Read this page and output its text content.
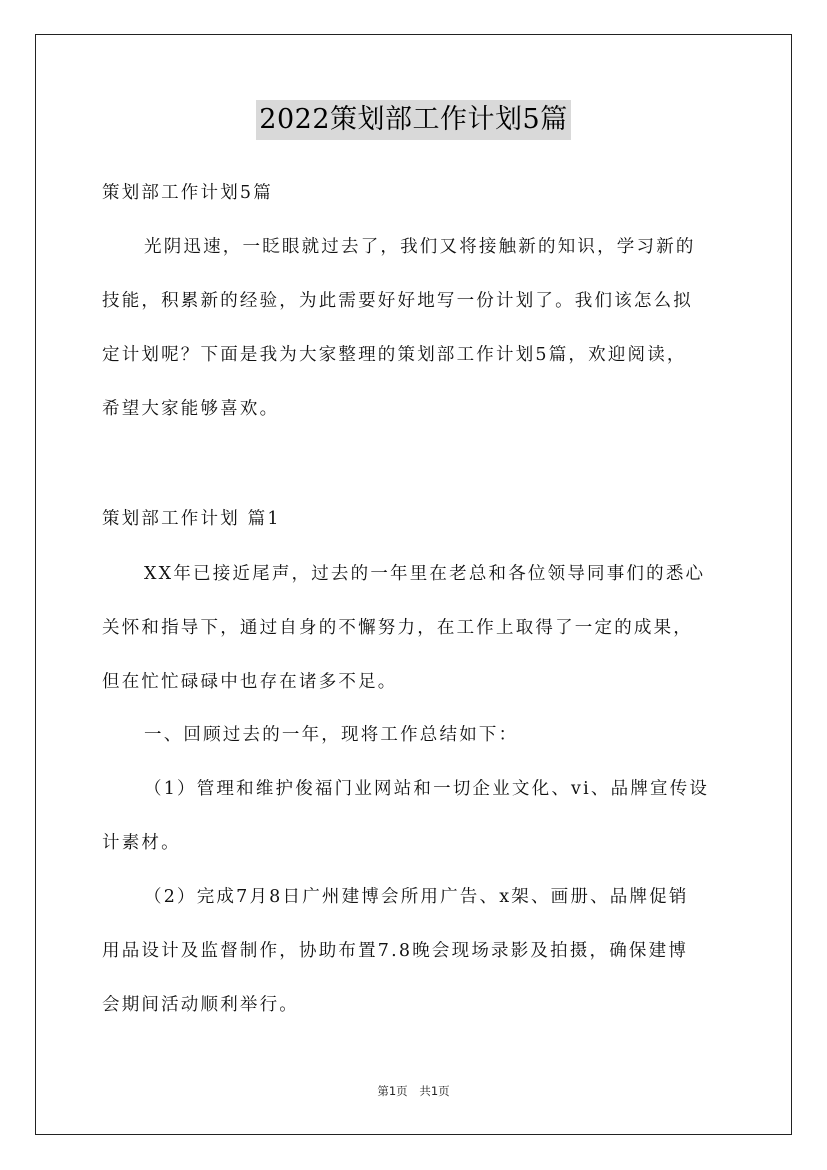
2022策划部工作计划5篇
策划部工作计划5篇
光阴迅速，一眨眼就过去了，我们又将接触新的知识，学习新的
技能，积累新的经验，为此需要好好地写一份计划了。我们该怎么拟
定计划呢？下面是我为大家整理的策划部工作计划5篇，欢迎阅读，
希望大家能够喜欢。
策划部工作计划 篇1
XX年已接近尾声，过去的一年里在老总和各位领导同事们的悉心
关怀和指导下，通过自身的不懈努力，在工作上取得了一定的成果，
但在忙忙碌碌中也存在诸多不足。
一、回顾过去的一年，现将工作总结如下：
（1）管理和维护俊福门业网站和一切企业文化、vi、品牌宣传设
计素材。
（2）完成7月8日广州建博会所用广告、x架、画册、品牌促销
用品设计及监督制作，协助布置7.8晚会现场录影及拍摄，确保建博
会期间活动顺利举行。
第1页 共1页
